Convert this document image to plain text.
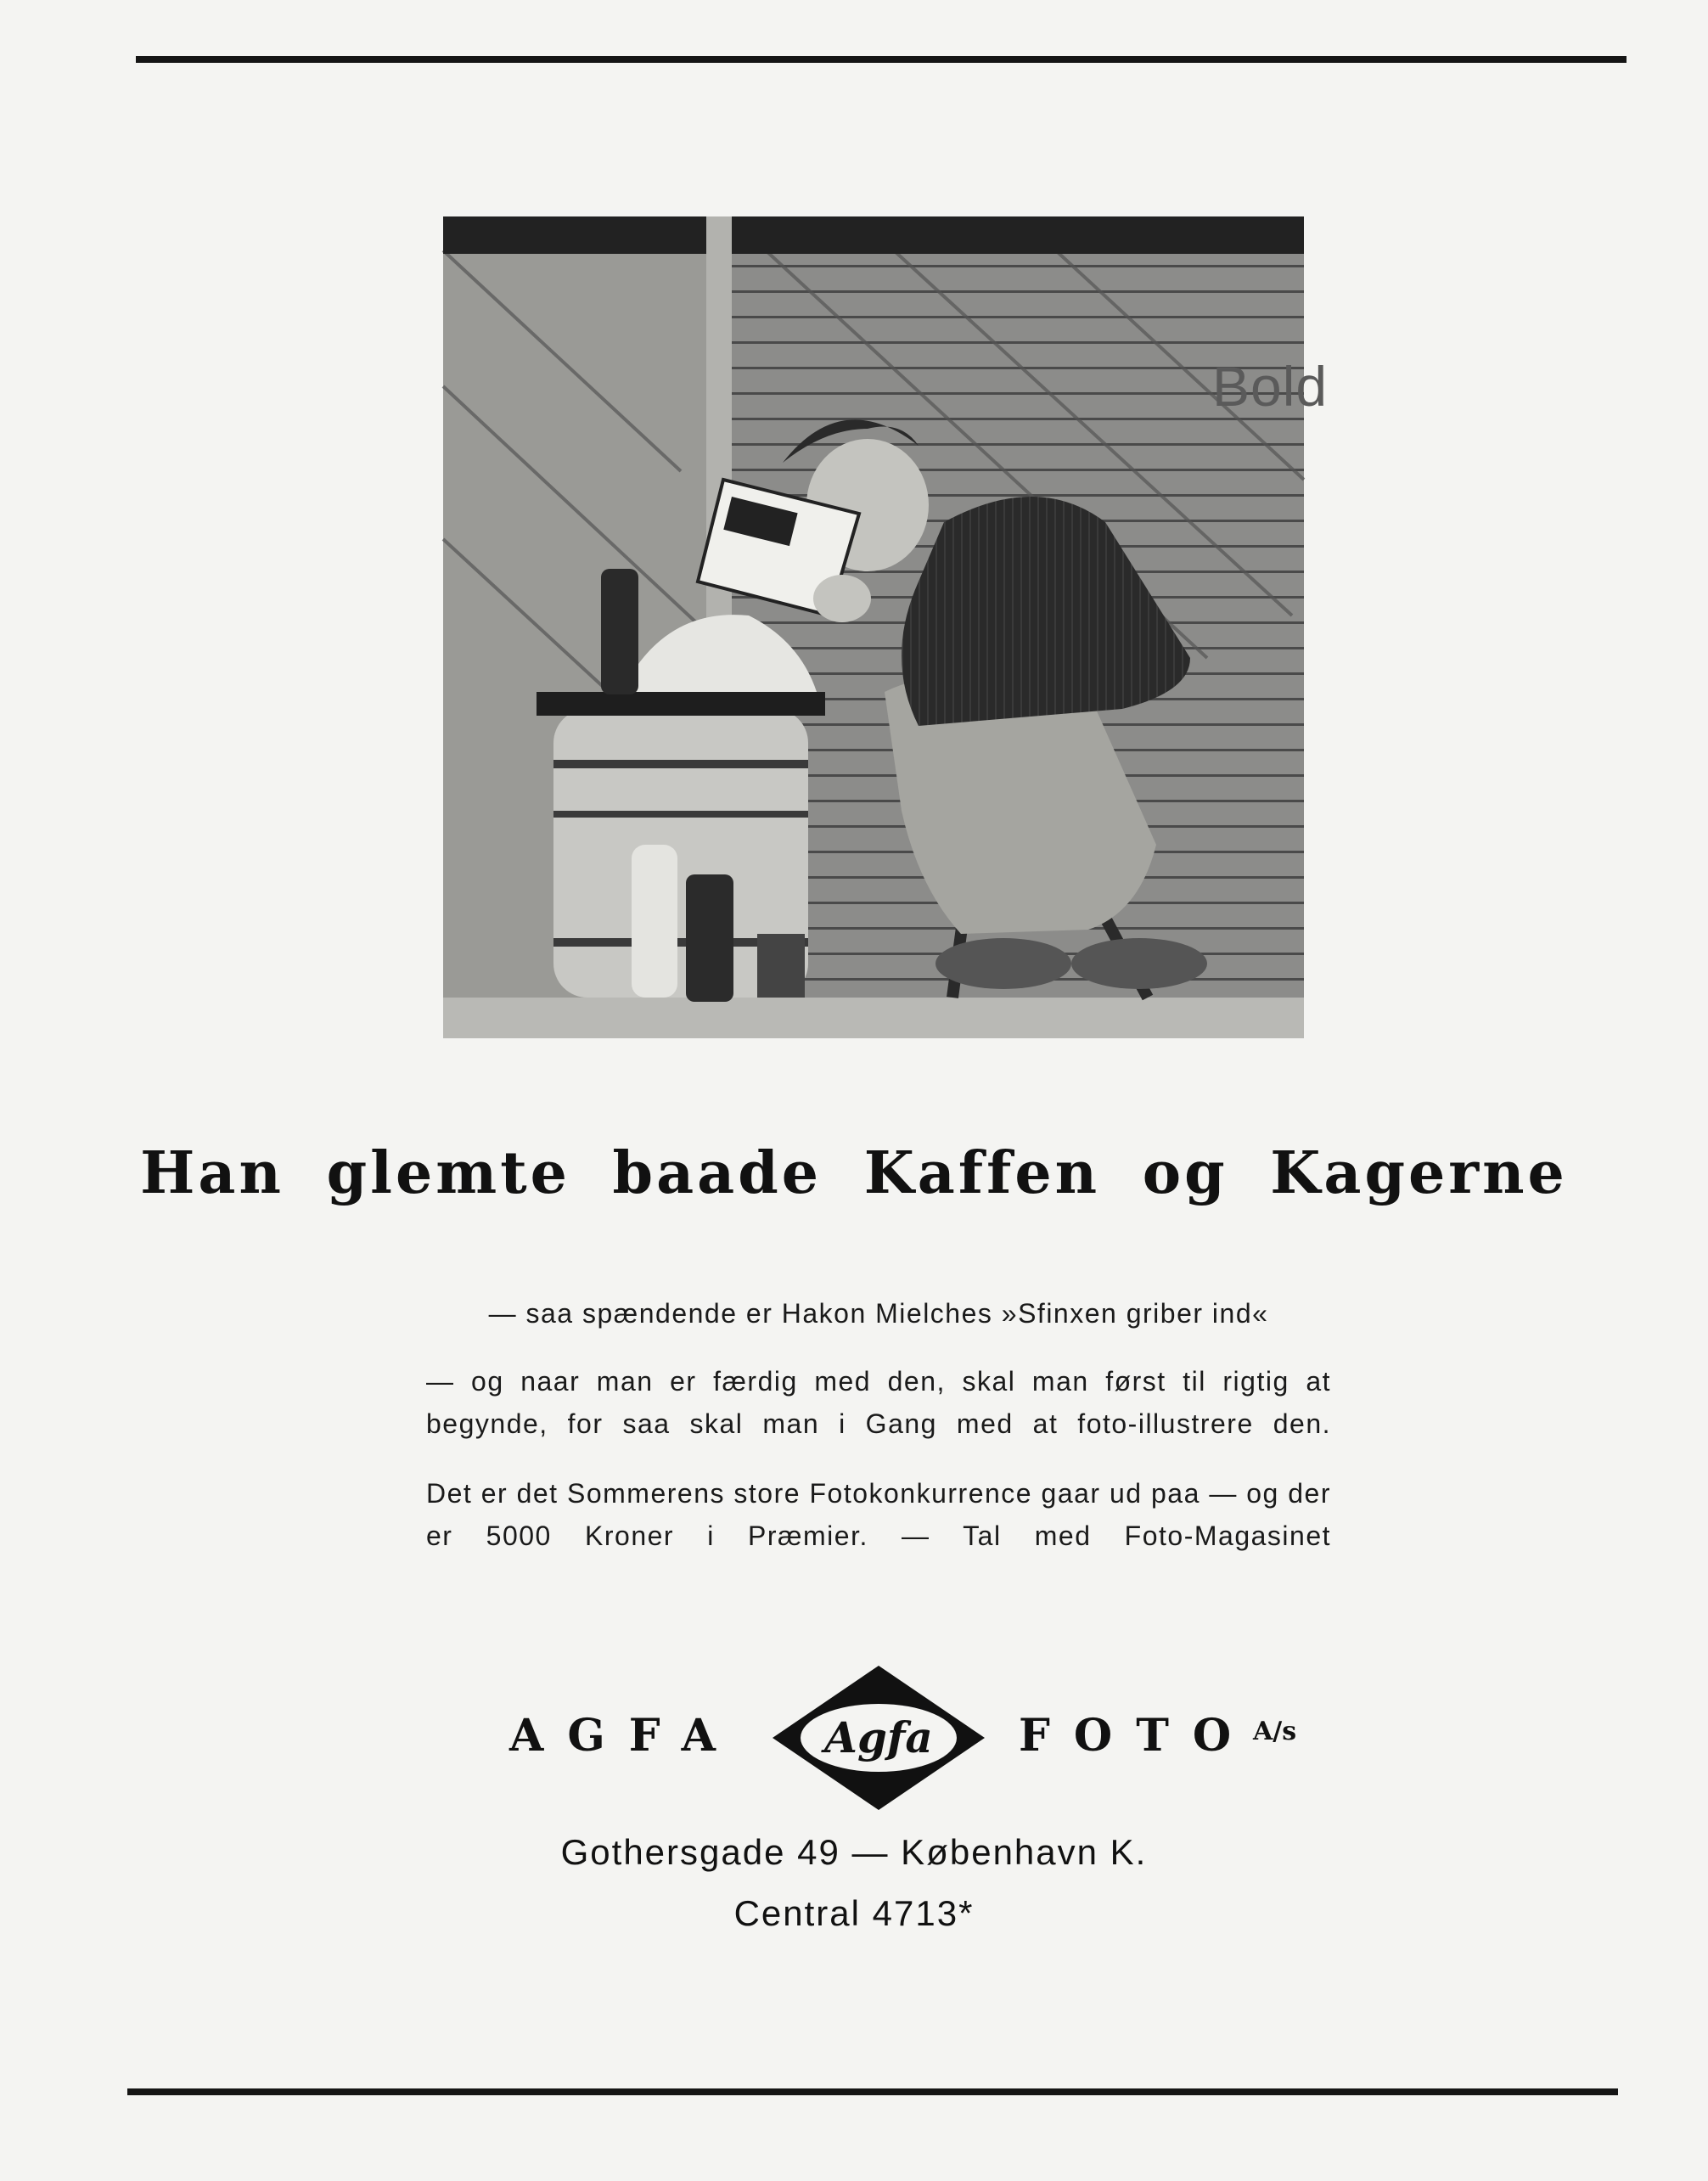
Bold
Han glemte baade Kaffen og Kagerne

— saa spændende er Hakon Mielches »Sfinxen griber ind«

— og naar man er færdig med den, skal man først til rigtig at begynde, for saa skal man i Gang med at foto-illustrere den.

Det er det Sommerens store Fotokonkurrence gaar ud paa — og der er 5000 Kroner i Præmier. — Tal med Foto-Magasinet

AGFA Agfa FOTO
A/s
Gothersgade 49 — København K.
Central 4713*
